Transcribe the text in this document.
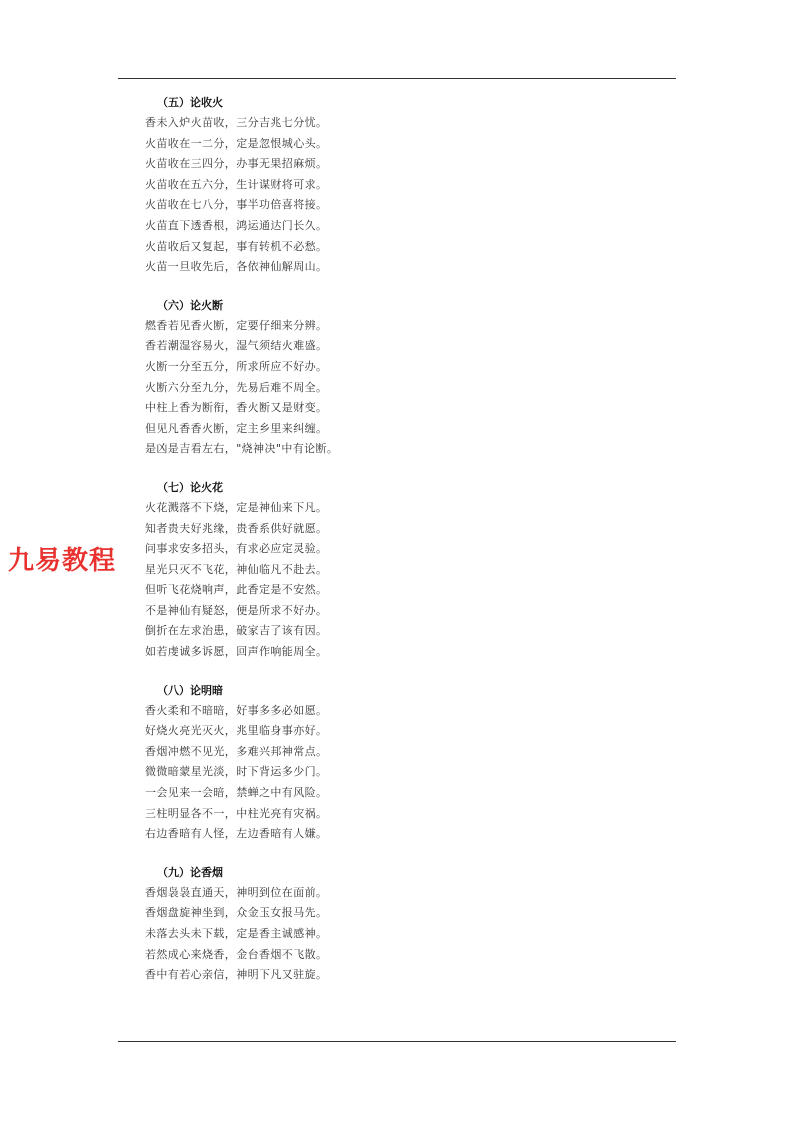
（五）论收火
香未入炉火苗收，三分吉兆七分忧。
火苗收在一二分，定是忽恨城心头。
火苗收在三四分，办事无果招麻烦。
火苗收在五六分，生计谋财将可求。
火苗收在七八分，事半功倍喜将接。
火苗直下透香根，鸿运通达门长久。
火苗收后又复起，事有转机不必愁。
火苗一旦收先后，各依神仙解周山。
（六）论火断
燃香若见香火断，定要仔细来分辨。
香若潮湿容易火，湿气须结火难盛。
火断一分至五分，所求所应不好办。
火断六分至九分，先易后难不周全。
中柱上香为断衔，香火断又是财变。
但见凡香香火断，定主乡里来纠缠。
是凶是吉看左右，"烧神决"中有论断。
（七）论火花
火花溅落不下烧，定是神仙来下凡。
知者贵夫好兆缘，贵香系供好就愿。
问事求安多招头，有求必应定灵验。
星光只灭不飞花，神仙临凡不赴去。
但听飞花烧响声，此香定是不安然。
不是神仙有疑怒，便是所求不好办。
倒折在左求治患，破家吉了该有因。
如若虔诚多诉愿，回声作响能周全。
（八）论明暗
香火柔和不暗暗，好事多多必如愿。
好烧火亮光灭火，兆里临身事亦好。
香烟冲燃不见光，多难兴邦神常点。
微微暗蒙星光淡，时下背运多少门。
一会见来一会暗，禁蝉之中有风险。
三柱明显各不一，中柱光亮有灾祸。
右边香暗有人怪，左边香暗有人嫌。
（九）论香烟
香烟袅袅直通天，神明到位在面前。
香烟盘旋神坐到，众金玉女报马先。
未落去头未下载，定是香主诚感神。
若然成心来烧香，金台香烟不飞散。
香中有若心亲信，神明下凡又驻旋。
九易教程
